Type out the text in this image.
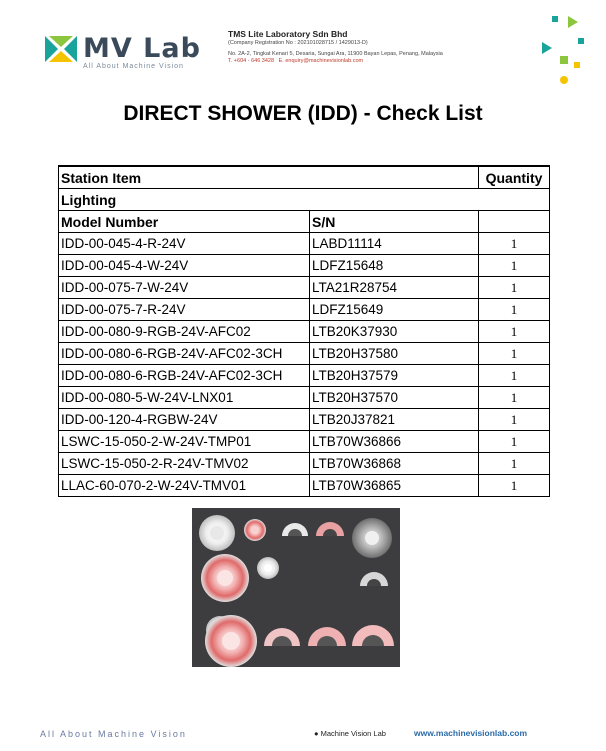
MV Lab
All About Machine Vision
TMS Lite Laboratory Sdn Bhd
(Company Registration No : 202101028715 / 1429013-D)
No. 2A-2, Tingkat Kenari 5, Desaria, Sungai Ara, 11900 Bayan Lepas, Penang, Malaysia
T. +604 - 646 3428 E. enquiry@machinevisionlab.com
DIRECT SHOWER (IDD) - Check List
Station Item		Quantity
Lighting		
Model Number	S/N	
IDD-00-045-4-R-24V	LABD11114	1
IDD-00-045-4-W-24V	LDFZ15648	1
IDD-00-075-7-W-24V	LTA21R28754	1
IDD-00-075-7-R-24V	LDFZ15649	1
IDD-00-080-9-RGB-24V-AFC02	LTB20K37930	1
IDD-00-080-6-RGB-24V-AFC02-3CH	LTB20H37580	1
IDD-00-080-6-RGB-24V-AFC02-3CH	LTB20H37579	1
IDD-00-080-5-W-24V-LNX01	LTB20H37570	1
IDD-00-120-4-RGBW-24V	LTB20J37821	1
LSWC-15-050-2-W-24V-TMP01	LTB70W36866	1
LSWC-15-050-2-R-24V-TMV02	LTB70W36868	1
LLAC-60-070-2-W-24V-TMV01	LTB70W36865	1
All About Machine Vision	● Machine Vision Lab	www.machinevisionlab.com
